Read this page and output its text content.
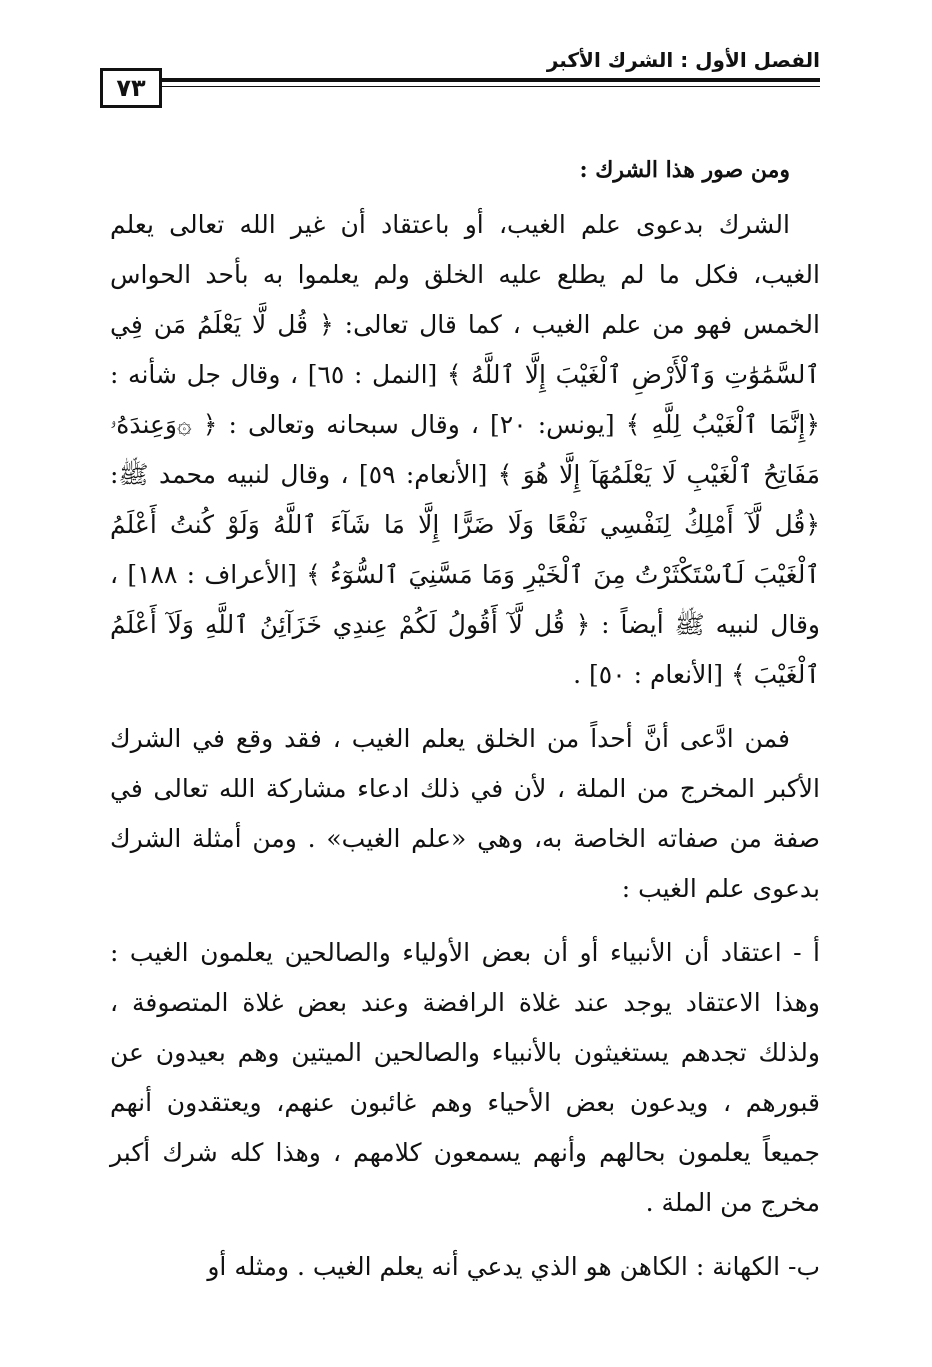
٧٣
الفصل الأول : الشرك الأكبر
ومن صور هذا الشرك :

الشرك بدعوى علم الغيب، أو باعتقاد أن غير الله تعالى يعلم الغيب، فكل ما لم يطلع عليه الخلق ولم يعلموا به بأحد الحواس الخمس فهو من علم الغيب ، كما قال تعالى: ﴿ قُل لَّا يَعْلَمُ مَن فِي ٱلسَّمَٰوَٰتِ وَٱلْأَرْضِ ٱلْغَيْبَ إِلَّا ٱللَّهُ ﴾ [النمل : ٦٥] ، وقال جل شأنه : ﴿إِنَّمَا ٱلْغَيْبُ لِلَّهِ ﴾ [يونس: ٢٠] ، وقال سبحانه وتعالى : ﴿ ۞وَعِندَهُۥ مَفَاتِحُ ٱلْغَيْبِ لَا يَعْلَمُهَآ إِلَّا هُوَ ﴾ [الأنعام: ٥٩] ، وقال لنبيه محمد ﷺ: ﴿قُل لَّآ أَمْلِكُ لِنَفْسِي نَفْعًا وَلَا ضَرًّا إِلَّا مَا شَآءَ ٱللَّهُ وَلَوْ كُنتُ أَعْلَمُ ٱلْغَيْبَ لَٱسْتَكْثَرْتُ مِنَ ٱلْخَيْرِ وَمَا مَسَّنِيَ ٱلسُّوٓءُ ﴾ [الأعراف : ١٨٨] ، وقال لنبيه ﷺ أيضاً : ﴿ قُل لَّآ أَقُولُ لَكُمْ عِندِي خَزَآئِنُ ٱللَّهِ وَلَآ أَعْلَمُ ٱلْغَيْبَ ﴾ [الأنعام : ٥٠] .

فمن ادَّعى أنَّ أحداً من الخلق يعلم الغيب ، فقد وقع في الشرك الأكبر المخرج من الملة ، لأن في ذلك ادعاء مشاركة الله تعالى في صفة من صفاته الخاصة به، وهي «علم الغيب» . ومن أمثلة الشرك بدعوى علم الغيب :

أ - اعتقاد أن الأنبياء أو أن بعض الأولياء والصالحين يعلمون الغيب : وهذا الاعتقاد يوجد عند غلاة الرافضة وعند بعض غلاة المتصوفة ، ولذلك تجدهم يستغيثون بالأنبياء والصالحين الميتين وهم بعيدون عن قبورهم ، ويدعون بعض الأحياء وهم غائبون عنهم، ويعتقدون أنهم جميعاً يعلمون بحالهم وأنهم يسمعون كلامهم ، وهذا كله شرك أكبر مخرج من الملة .

ب- الكهانة : الكاهن هو الذي يدعي أنه يعلم الغيب . ومثله أو
